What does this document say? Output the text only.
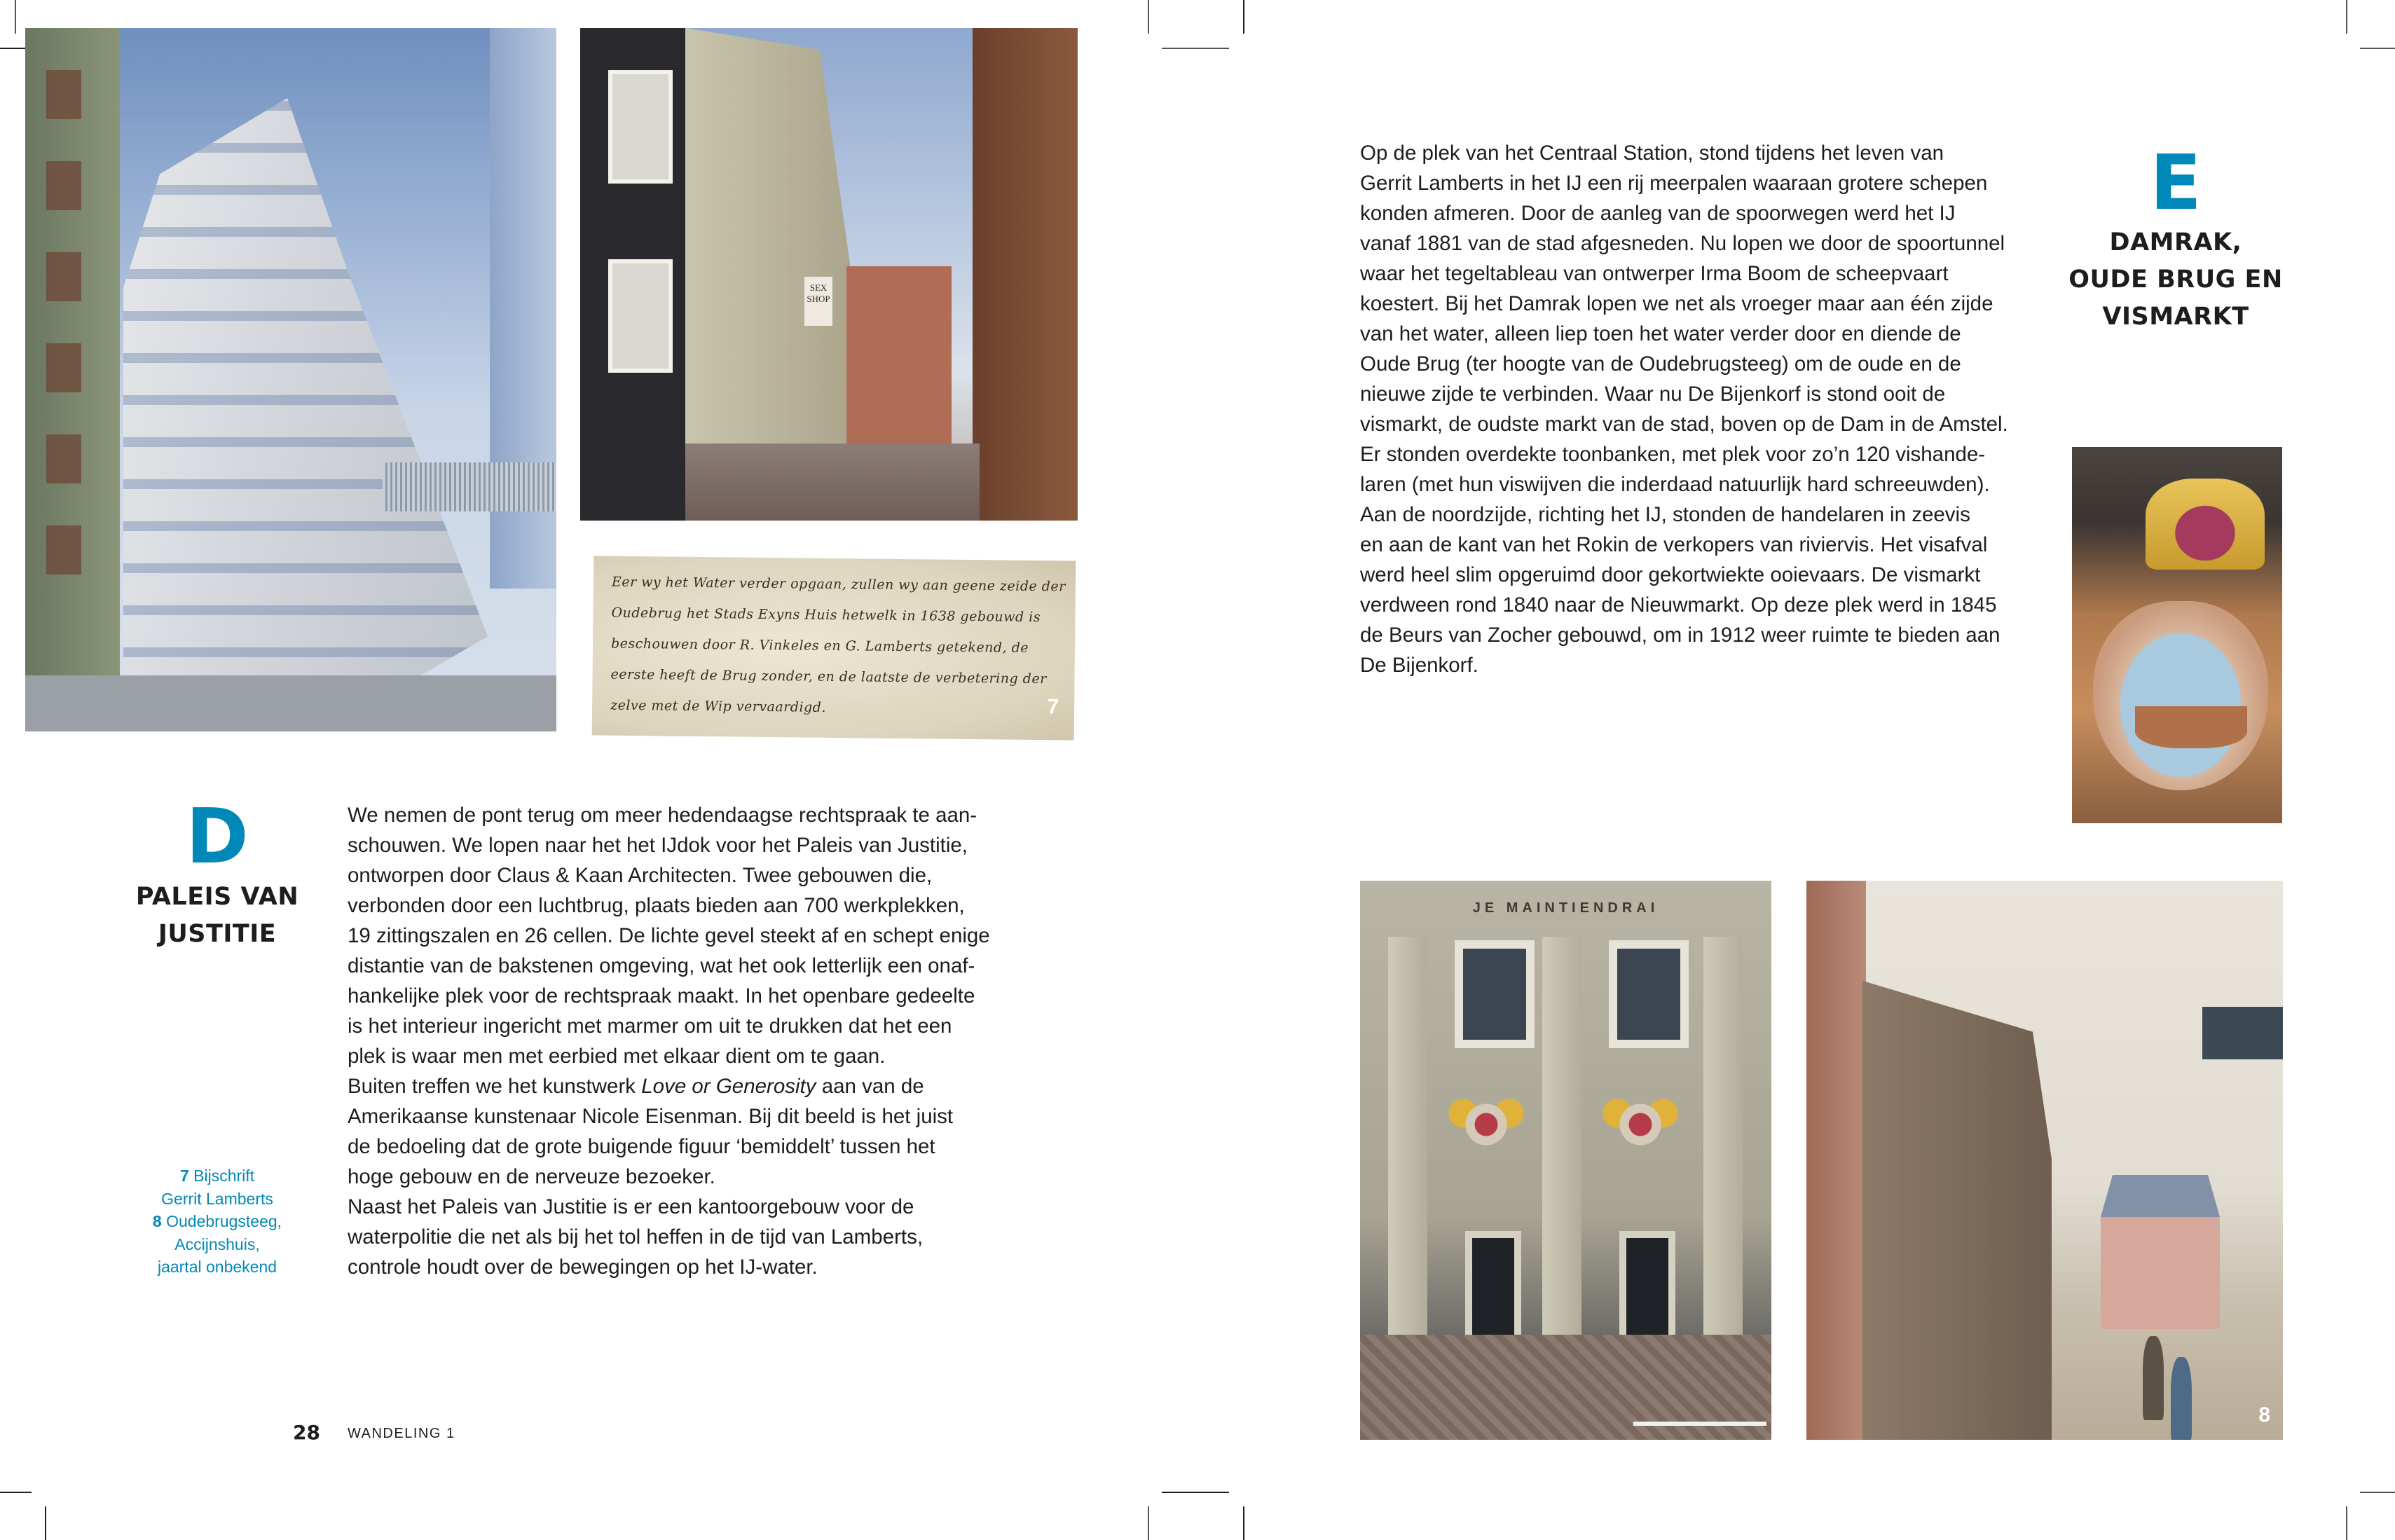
SEX SHOP
Eer wy het Water verder opgaan, zullen wy aan geene zeide der
Oudebrug het Stads Exyns Huis hetwelk in 1638 gebouwd is
beschouwen door R. Vinkeles en G. Lamberts getekend, de
eerste heeft de Brug zonder, en de laatste de verbetering der
zelve met de Wip vervaardigd.	7
D
PALEIS VAN
JUSTITIE
We nemen de pont terug om meer hedendaagse rechtspraak te aan-
schouwen. We lopen naar het het IJdok voor het Paleis van Justitie,
ontworpen door Claus & Kaan Architecten. Twee gebouwen die,
verbonden door een luchtbrug, plaats bieden aan 700 werkplekken,
19 zittingszalen en 26 cellen. De lichte gevel steekt af en schept enige
distantie van de bakstenen omgeving, wat het ook letterlijk een onaf-
hankelijke plek voor de rechtspraak maakt. In het openbare gedeelte
is het interieur ingericht met marmer om uit te drukken dat het een
plek is waar men met eerbied met elkaar dient om te gaan.
Buiten treffen we het kunstwerk Love or Generosity aan van de
Amerikaanse kunstenaar Nicole Eisenman. Bij dit beeld is het juist
de bedoeling dat de grote buigende figuur ‘bemiddelt’ tussen het
hoge gebouw en de nerveuze bezoeker.
Naast het Paleis van Justitie is er een kantoorgebouw voor de
waterpolitie die net als bij het tol heffen in de tijd van Lamberts,
controle houdt over de bewegingen op het IJ-water.
7 Bijschrift
Gerrit Lamberts
8 Oudebrugsteeg,
Accijnshuis,
jaartal onbekend
28 WANDELING 1
Op de plek van het Centraal Station, stond tijdens het leven van
Gerrit Lamberts in het IJ een rij meerpalen waaraan grotere schepen
konden afmeren. Door de aanleg van de spoorwegen werd het IJ
vanaf 1881 van de stad afgesneden. Nu lopen we door de spoortunnel
waar het tegeltableau van ontwerper Irma Boom de scheepvaart
koestert. Bij het Damrak lopen we net als vroeger maar aan één zijde
van het water, alleen liep toen het water verder door en diende de
Oude Brug (ter hoogte van de Oudebrugsteeg) om de oude en de
nieuwe zijde te verbinden. Waar nu De Bijenkorf is stond ooit de
vismarkt, de oudste markt van de stad, boven op de Dam in de Amstel.
Er stonden overdekte toonbanken, met plek voor zo’n 120 vishande-
laren (met hun viswijven die inderdaad natuurlijk hard schreeuwden).
Aan de noordzijde, richting het IJ, stonden de handelaren in zeevis
en aan de kant van het Rokin de verkopers van riviervis. Het visafval
werd heel slim opgeruimd door gekortwiekte ooievaars. De vismarkt
verdween rond 1840 naar de Nieuwmarkt. Op deze plek werd in 1845
de Beurs van Zocher gebouwd, om in 1912 weer ruimte te bieden aan
De Bijenkorf.
E
DAMRAK,
OUDE BRUG EN
VISMARKT
JE MAINTIENDRAI
8
